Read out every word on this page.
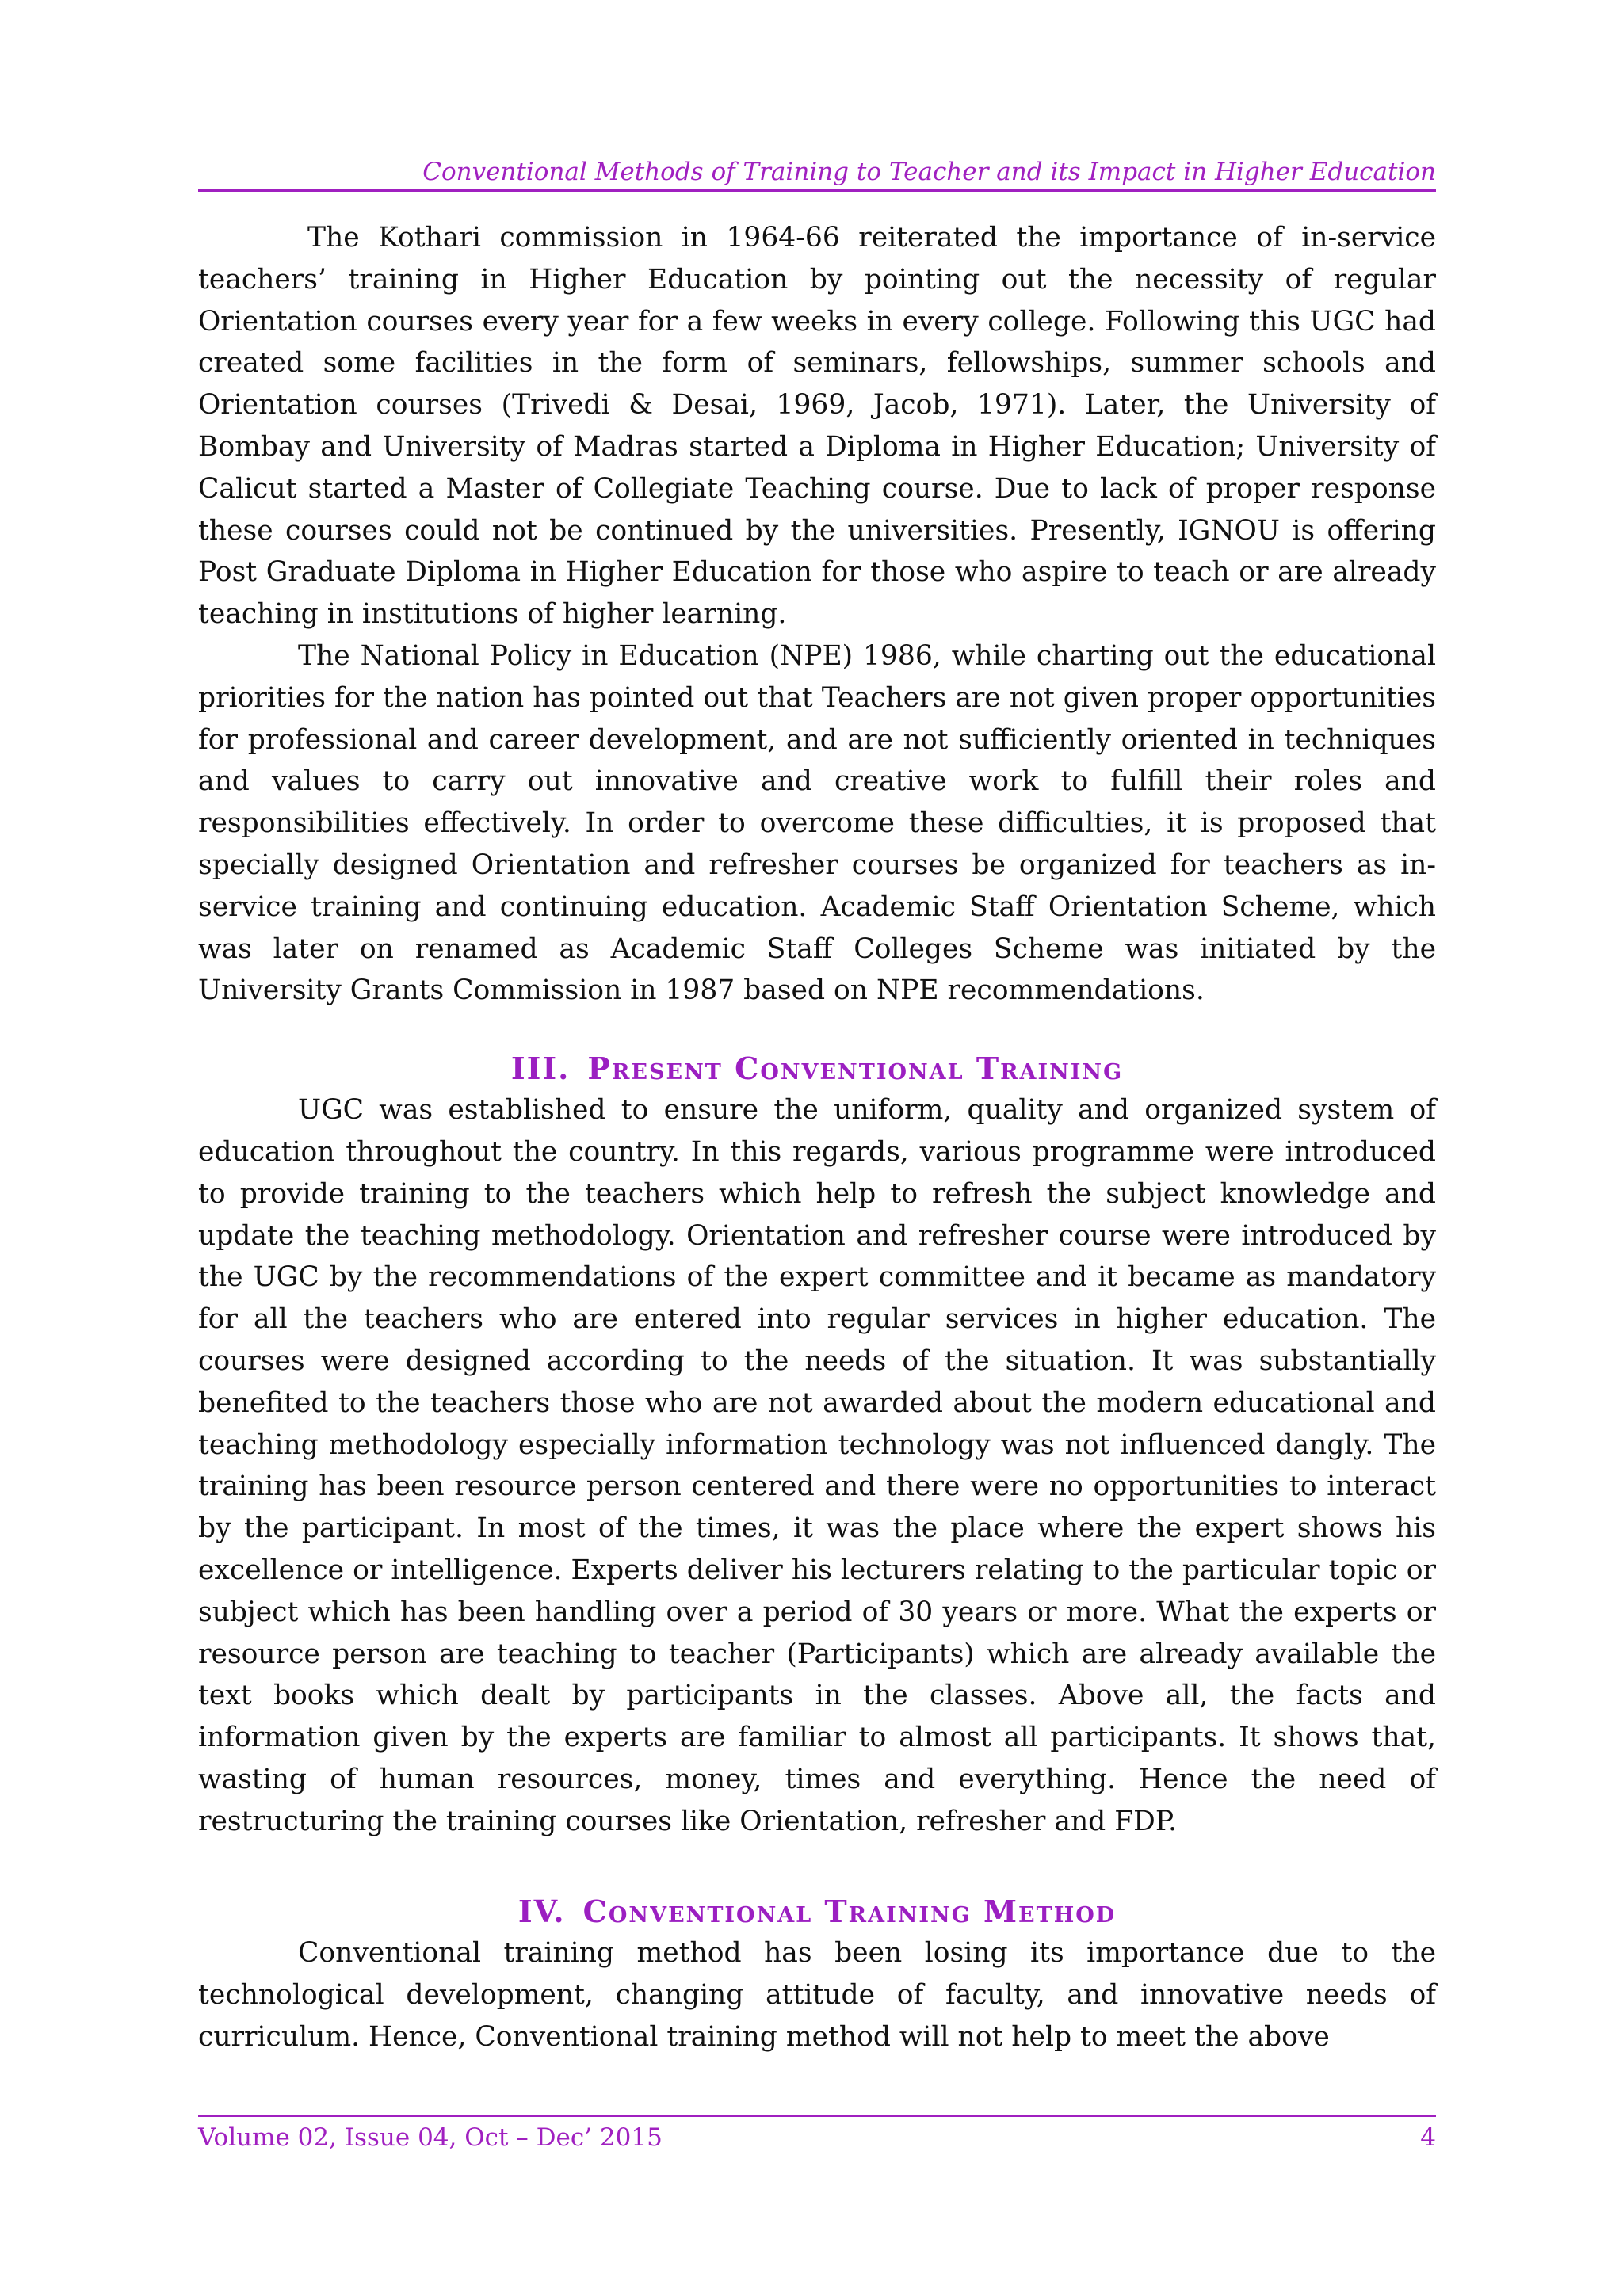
Conventional Methods of Training to Teacher and its Impact in Higher Education

The Kothari commission in 1964-66 reiterated the importance of in-service teachers’ training in Higher Education by pointing out the necessity of regular Orientation courses every year for a few weeks in every college. Following this UGC had created some facilities in the form of seminars, fellowships, summer schools and Orientation courses (Trivedi & Desai, 1969, Jacob, 1971). Later, the University of Bombay and University of Madras started a Diploma in Higher Education; University of Calicut started a Master of Collegiate Teaching course. Due to lack of proper response these courses could not be continued by the universities. Presently, IGNOU is offering Post Graduate Diploma in Higher Education for those who aspire to teach or are already teaching in institutions of higher learning.

The National Policy in Education (NPE) 1986, while charting out the educational priorities for the nation has pointed out that Teachers are not given proper opportunities for professional and career development, and are not sufficiently oriented in techniques and values to carry out innovative and creative work to fulfill their roles and responsibilities effectively. In order to overcome these difficulties, it is proposed that specially designed Orientation and refresher courses be organized for teachers as in-service training and continuing education. Academic Staff Orientation Scheme, which was later on renamed as Academic Staff Colleges Scheme was initiated by the University Grants Commission in 1987 based on NPE recommendations.

III. Present Conventional Training

UGC was established to ensure the uniform, quality and organized system of education throughout the country. In this regards, various programme were introduced to provide training to the teachers which help to refresh the subject knowledge and update the teaching methodology. Orientation and refresher course were introduced by the UGC by the recommendations of the expert committee and it became as mandatory for all the teachers who are entered into regular services in higher education. The courses were designed according to the needs of the situation. It was substantially benefited to the teachers those who are not awarded about the modern educational and teaching methodology especially information technology was not influenced dangly. The training has been resource person centered and there were no opportunities to interact by the participant. In most of the times, it was the place where the expert shows his excellence or intelligence. Experts deliver his lecturers relating to the particular topic or subject which has been handling over a period of 30 years or more. What the experts or resource person are teaching to teacher (Participants) which are already available the text books which dealt by participants in the classes. Above all, the facts and information given by the experts are familiar to almost all participants. It shows that, wasting of human resources, money, times and everything. Hence the need of restructuring the training courses like Orientation, refresher and FDP.

IV. Conventional Training Method

Conventional training method has been losing its importance due to the technological development, changing attitude of faculty, and innovative needs of curriculum. Hence, Conventional training method will not help to meet the above

Volume 02, Issue 04, Oct – Dec’ 2015	4
